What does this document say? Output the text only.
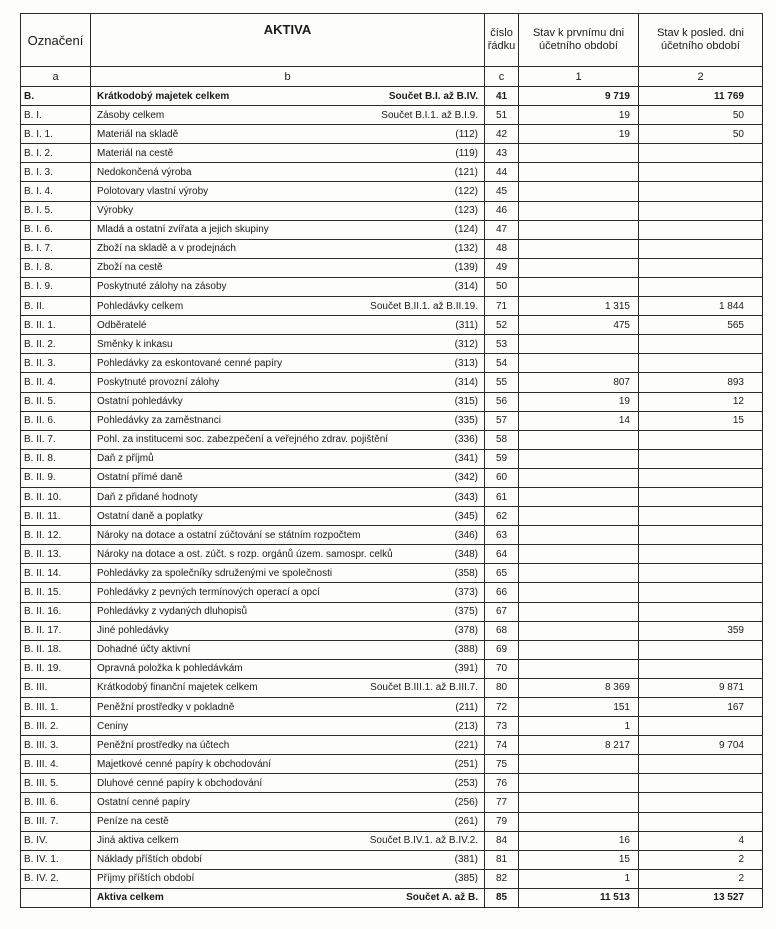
Označení	AKTIVA	číslo řádku	Stav k prvnímu dni účetního období	Stav k posled. dni účetního období
a	b	c	1	2
B.	Krátkodobý majetek celkem Součet B.I. až B.IV.	41	9 719	11 769
B. I.	Zásoby celkem Součet B.I.1. až B.I.9.	51	19	50
B. I. 1.	Materiál na skladě (112)	42	19	50
B. I. 2.	Materiál na cestě (119)	43		
B. I. 3.	Nedokončená výroba (121)	44		
B. I. 4.	Polotovary vlastní výroby (122)	45		
B. I. 5.	Výrobky (123)	46		
B. I. 6.	Mladá a ostatní zvířata a jejich skupiny (124)	47		
B. I. 7.	Zboží na skladě a v prodejnách (132)	48		
B. I. 8.	Zboží na cestě (139)	49		
B. I. 9.	Poskytnuté zálohy na zásoby (314)	50		
B. II.	Pohledávky celkem Součet B.II.1. až B.II.19.	71	1 315	1 844
B. II. 1.	Odběratelé (311)	52	475	565
B. II. 2.	Směnky k inkasu (312)	53		
B. II. 3.	Pohledávky za eskontované cenné papíry (313)	54		
B. II. 4.	Poskytnuté provozní zálohy (314)	55	807	893
B. II. 5.	Ostatní pohledávky (315)	56	19	12
B. II. 6.	Pohledávky za zaměstnanci (335)	57	14	15
B. II. 7.	Pohl. za institucemi soc. zabezpečení a veřejného zdrav. pojištění (336)	58		
B. II. 8.	Daň z příjmů (341)	59		
B. II. 9.	Ostatní přímé daně (342)	60		
B. II. 10.	Daň z přidané hodnoty (343)	61		
B. II. 11.	Ostatní daně a poplatky (345)	62		
B. II. 12.	Nároky na dotace a ostatní zúčtování se státním rozpočtem (346)	63		
B. II. 13.	Nároky na dotace a ost. zúčt. s rozp. orgánů územ. samospr. celků (348)	64		
B. II. 14.	Pohledávky za společníky sdruženými ve společnosti (358)	65		
B. II. 15.	Pohledávky z pevných termínových operací a opcí (373)	66		
B. II. 16.	Pohledávky z vydaných dluhopisů (375)	67		
B. II. 17.	Jiné pohledávky (378)	68		359
B. II. 18.	Dohadné účty aktivní (388)	69		
B. II. 19.	Opravná položka k pohledávkám (391)	70		
B. III.	Krátkodobý finanční majetek celkem Součet B.III.1. až B.III.7.	80	8 369	9 871
B. III. 1.	Peněžní prostředky v pokladně (211)	72	151	167
B. III. 2.	Ceniny (213)	73	1	
B. III. 3.	Peněžní prostředky na účtech (221)	74	8 217	9 704
B. III. 4.	Majetkové cenné papíry k obchodování (251)	75		
B. III. 5.	Dluhové cenné papíry k obchodování (253)	76		
B. III. 6.	Ostatní cenné papíry (256)	77		
B. III. 7.	Peníze na cestě (261)	79		
B. IV.	Jiná aktiva celkem Součet B.IV.1. až B.IV.2.	84	16	4
B. IV. 1.	Náklady příštích období (381)	81	15	2
B. IV. 2.	Příjmy příštích období (385)	82	1	2

	Aktiva celkem Součet A. až B.	85	11 513	13 527
